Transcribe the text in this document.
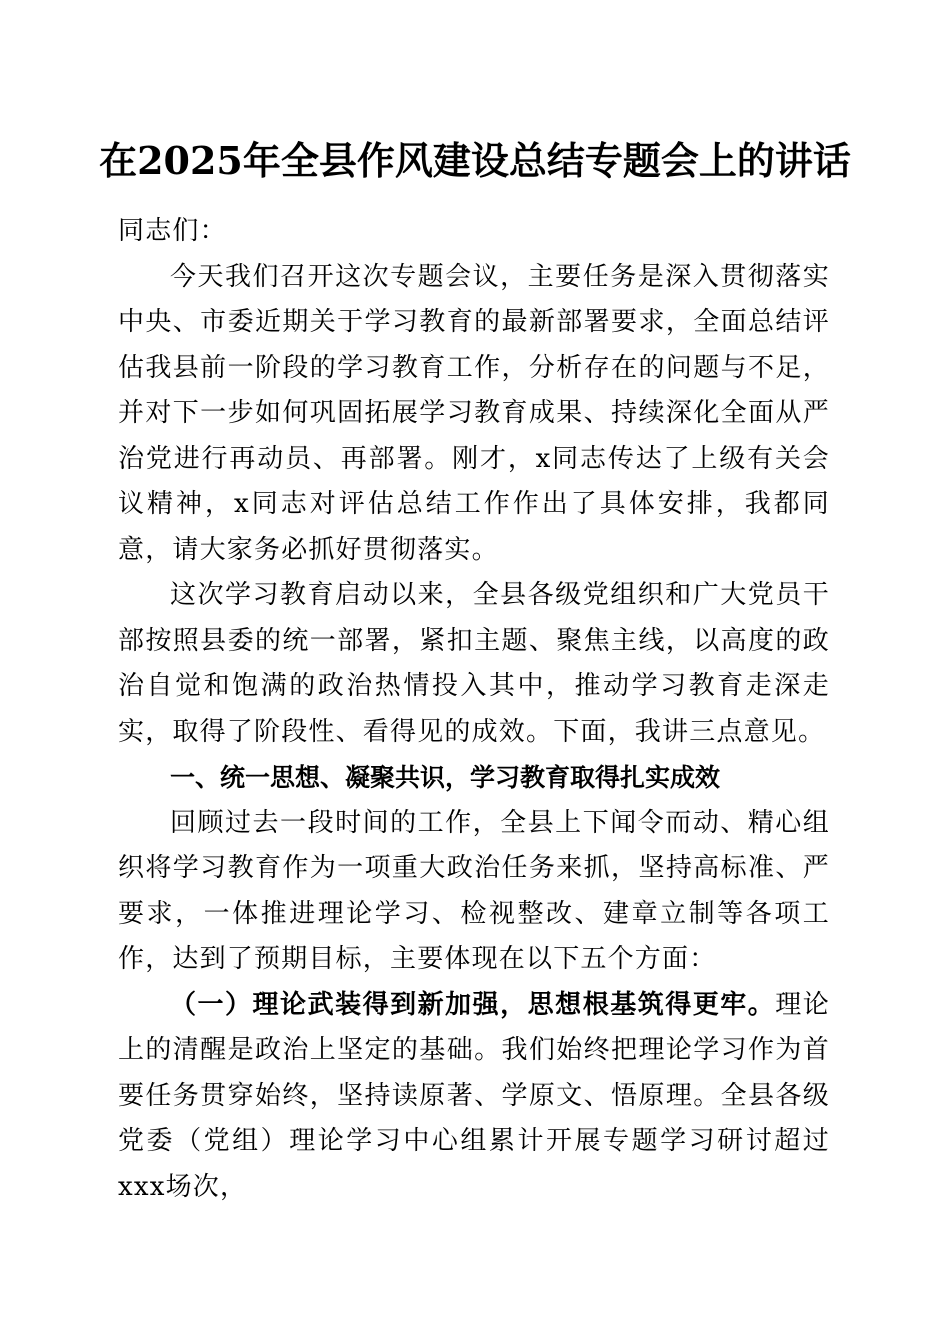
在2025年全县作风建设总结专题会上的讲话

同志们：

今天我们召开这次专题会议，主要任务是深入贯彻落实中央、市委近期关于学习教育的最新部署要求，全面总结评估我县前一阶段的学习教育工作，分析存在的问题与不足，并对下一步如何巩固拓展学习教育成果、持续深化全面从严治党进行再动员、再部署。刚才，x同志传达了上级有关会议精神，x同志对评估总结工作作出了具体安排，我都同意，请大家务必抓好贯彻落实。

这次学习教育启动以来，全县各级党组织和广大党员干部按照县委的统一部署，紧扣主题、聚焦主线，以高度的政治自觉和饱满的政治热情投入其中，推动学习教育走深走实，取得了阶段性、看得见的成效。下面，我讲三点意见。

一、统一思想、凝聚共识，学习教育取得扎实成效

回顾过去一段时间的工作，全县上下闻令而动、精心组织将学习教育作为一项重大政治任务来抓，坚持高标准、严要求，一体推进理论学习、检视整改、建章立制等各项工作，达到了预期目标，主要体现在以下五个方面：

（一）理论武装得到新加强，思想根基筑得更牢。理论上的清醒是政治上坚定的基础。我们始终把理论学习作为首要任务贯穿始终，坚持读原著、学原文、悟原理。全县各级党委（党组）理论学习中心组累计开展专题学习研讨超过xxx场次，
